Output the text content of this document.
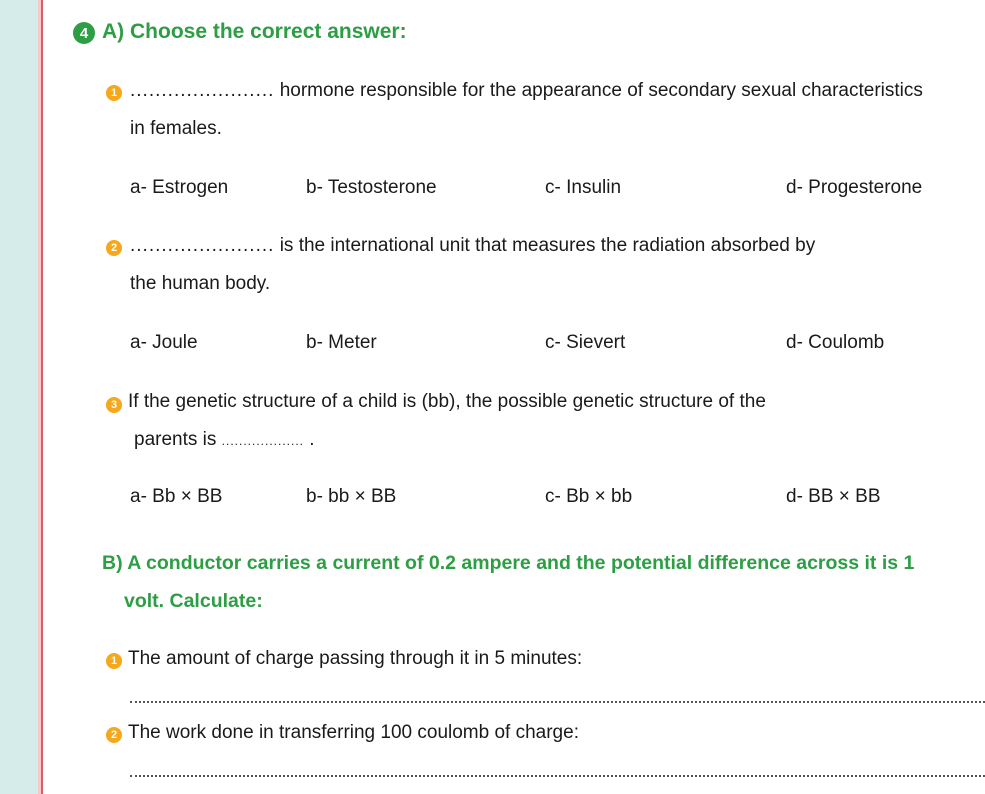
4 A) Choose the correct answer:
1 ....................... hormone responsible for the appearance of secondary sexual characteristics
in females.
a- Estrogen	b- Testosterone	c- Insulin	d- Progesterone
2 ....................... is the international unit that measures the radiation absorbed by
the human body.
a- Joule	b- Meter	c- Sievert	d- Coulomb
3 If the genetic structure of a child is (bb), the possible genetic structure of the
parents is ................... .
a- Bb × BB	b- bb × BB	c- Bb × bb	d- BB × BB
B) A conductor carries a current of 0.2 ampere and the potential difference across it is 1
volt. Calculate:
1 The amount of charge passing through it in 5 minutes:
2 The work done in transferring 100 coulomb of charge:
